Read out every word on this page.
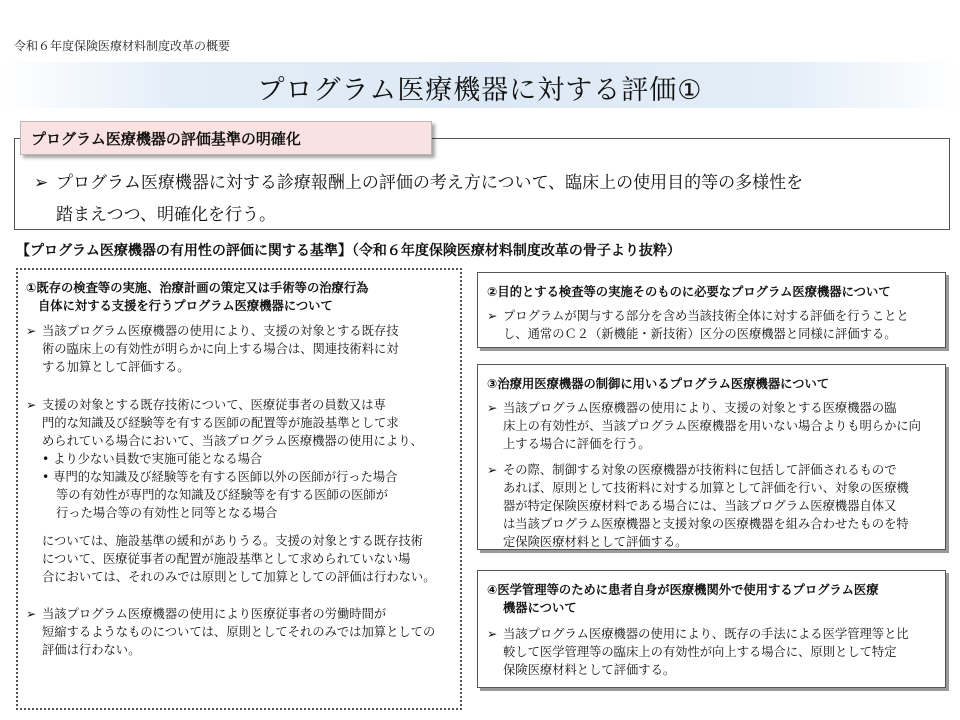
令和６年度保険医療材料制度改革の概要
プログラム医療機器に対する評価①
プログラム医療機器の評価基準の明確化
➢ プログラム医療機器に対する診療報酬上の評価の考え方について、臨床上の使用目的等の多様性を
踏まえつつ、明確化を行う。
【プログラム医療機器の有用性の評価に関する基準】（令和６年度保険医療材料制度改革の骨子より抜粋）
①既存の検査等の実施、治療計画の策定又は手術等の治療行為
自体に対する支援を行うプログラム医療機器について
➢ 当該プログラム医療機器の使用により、支援の対象とする既存技
術の臨床上の有効性が明らかに向上する場合は、関連技術料に対
する加算として評価する。
➢ 支援の対象とする既存技術について、医療従事者の員数又は専
門的な知識及び経験等を有する医師の配置等が施設基準として求
められている場合において、当該プログラム医療機器の使用により、
• より少ない員数で実施可能となる場合
• 専門的な知識及び経験等を有する医師以外の医師が行った場合
等の有効性が専門的な知識及び経験等を有する医師の医師が
行った場合等の有効性と同等となる場合
については、施設基準の緩和がありうる。支援の対象とする既存技術
について、医療従事者の配置が施設基準として求められていない場
合においては、それのみでは原則として加算としての評価は行わない。
➢ 当該プログラム医療機器の使用により医療従事者の労働時間が
短縮するようなものについては、原則としてそれのみでは加算としての
評価は行わない。
②目的とする検査等の実施そのものに必要なプログラム医療機器について
➢ プログラムが関与する部分を含め当該技術全体に対する評価を行うことと
し、通常のＣ２（新機能・新技術）区分の医療機器と同様に評価する。
③治療用医療機器の制御に用いるプログラム医療機器について
➢ 当該プログラム医療機器の使用により、支援の対象とする医療機器の臨
床上の有効性が、当該プログラム医療機器を用いない場合よりも明らかに向
上する場合に評価を行う。
➢ その際、制御する対象の医療機器が技術料に包括して評価されるもので
あれば、原則として技術料に対する加算として評価を行い、対象の医療機
器が特定保険医療材料である場合には、当該プログラム医療機器自体又
は当該プログラム医療機器と支援対象の医療機器を組み合わせたものを特
定保険医療材料として評価する。
④医学管理等のために患者自身が医療機関外で使用するプログラム医療
機器について
➢ 当該プログラム医療機器の使用により、既存の手法による医学管理等と比
較して医学管理等の臨床上の有効性が向上する場合に、原則として特定
保険医療材料として評価する。
